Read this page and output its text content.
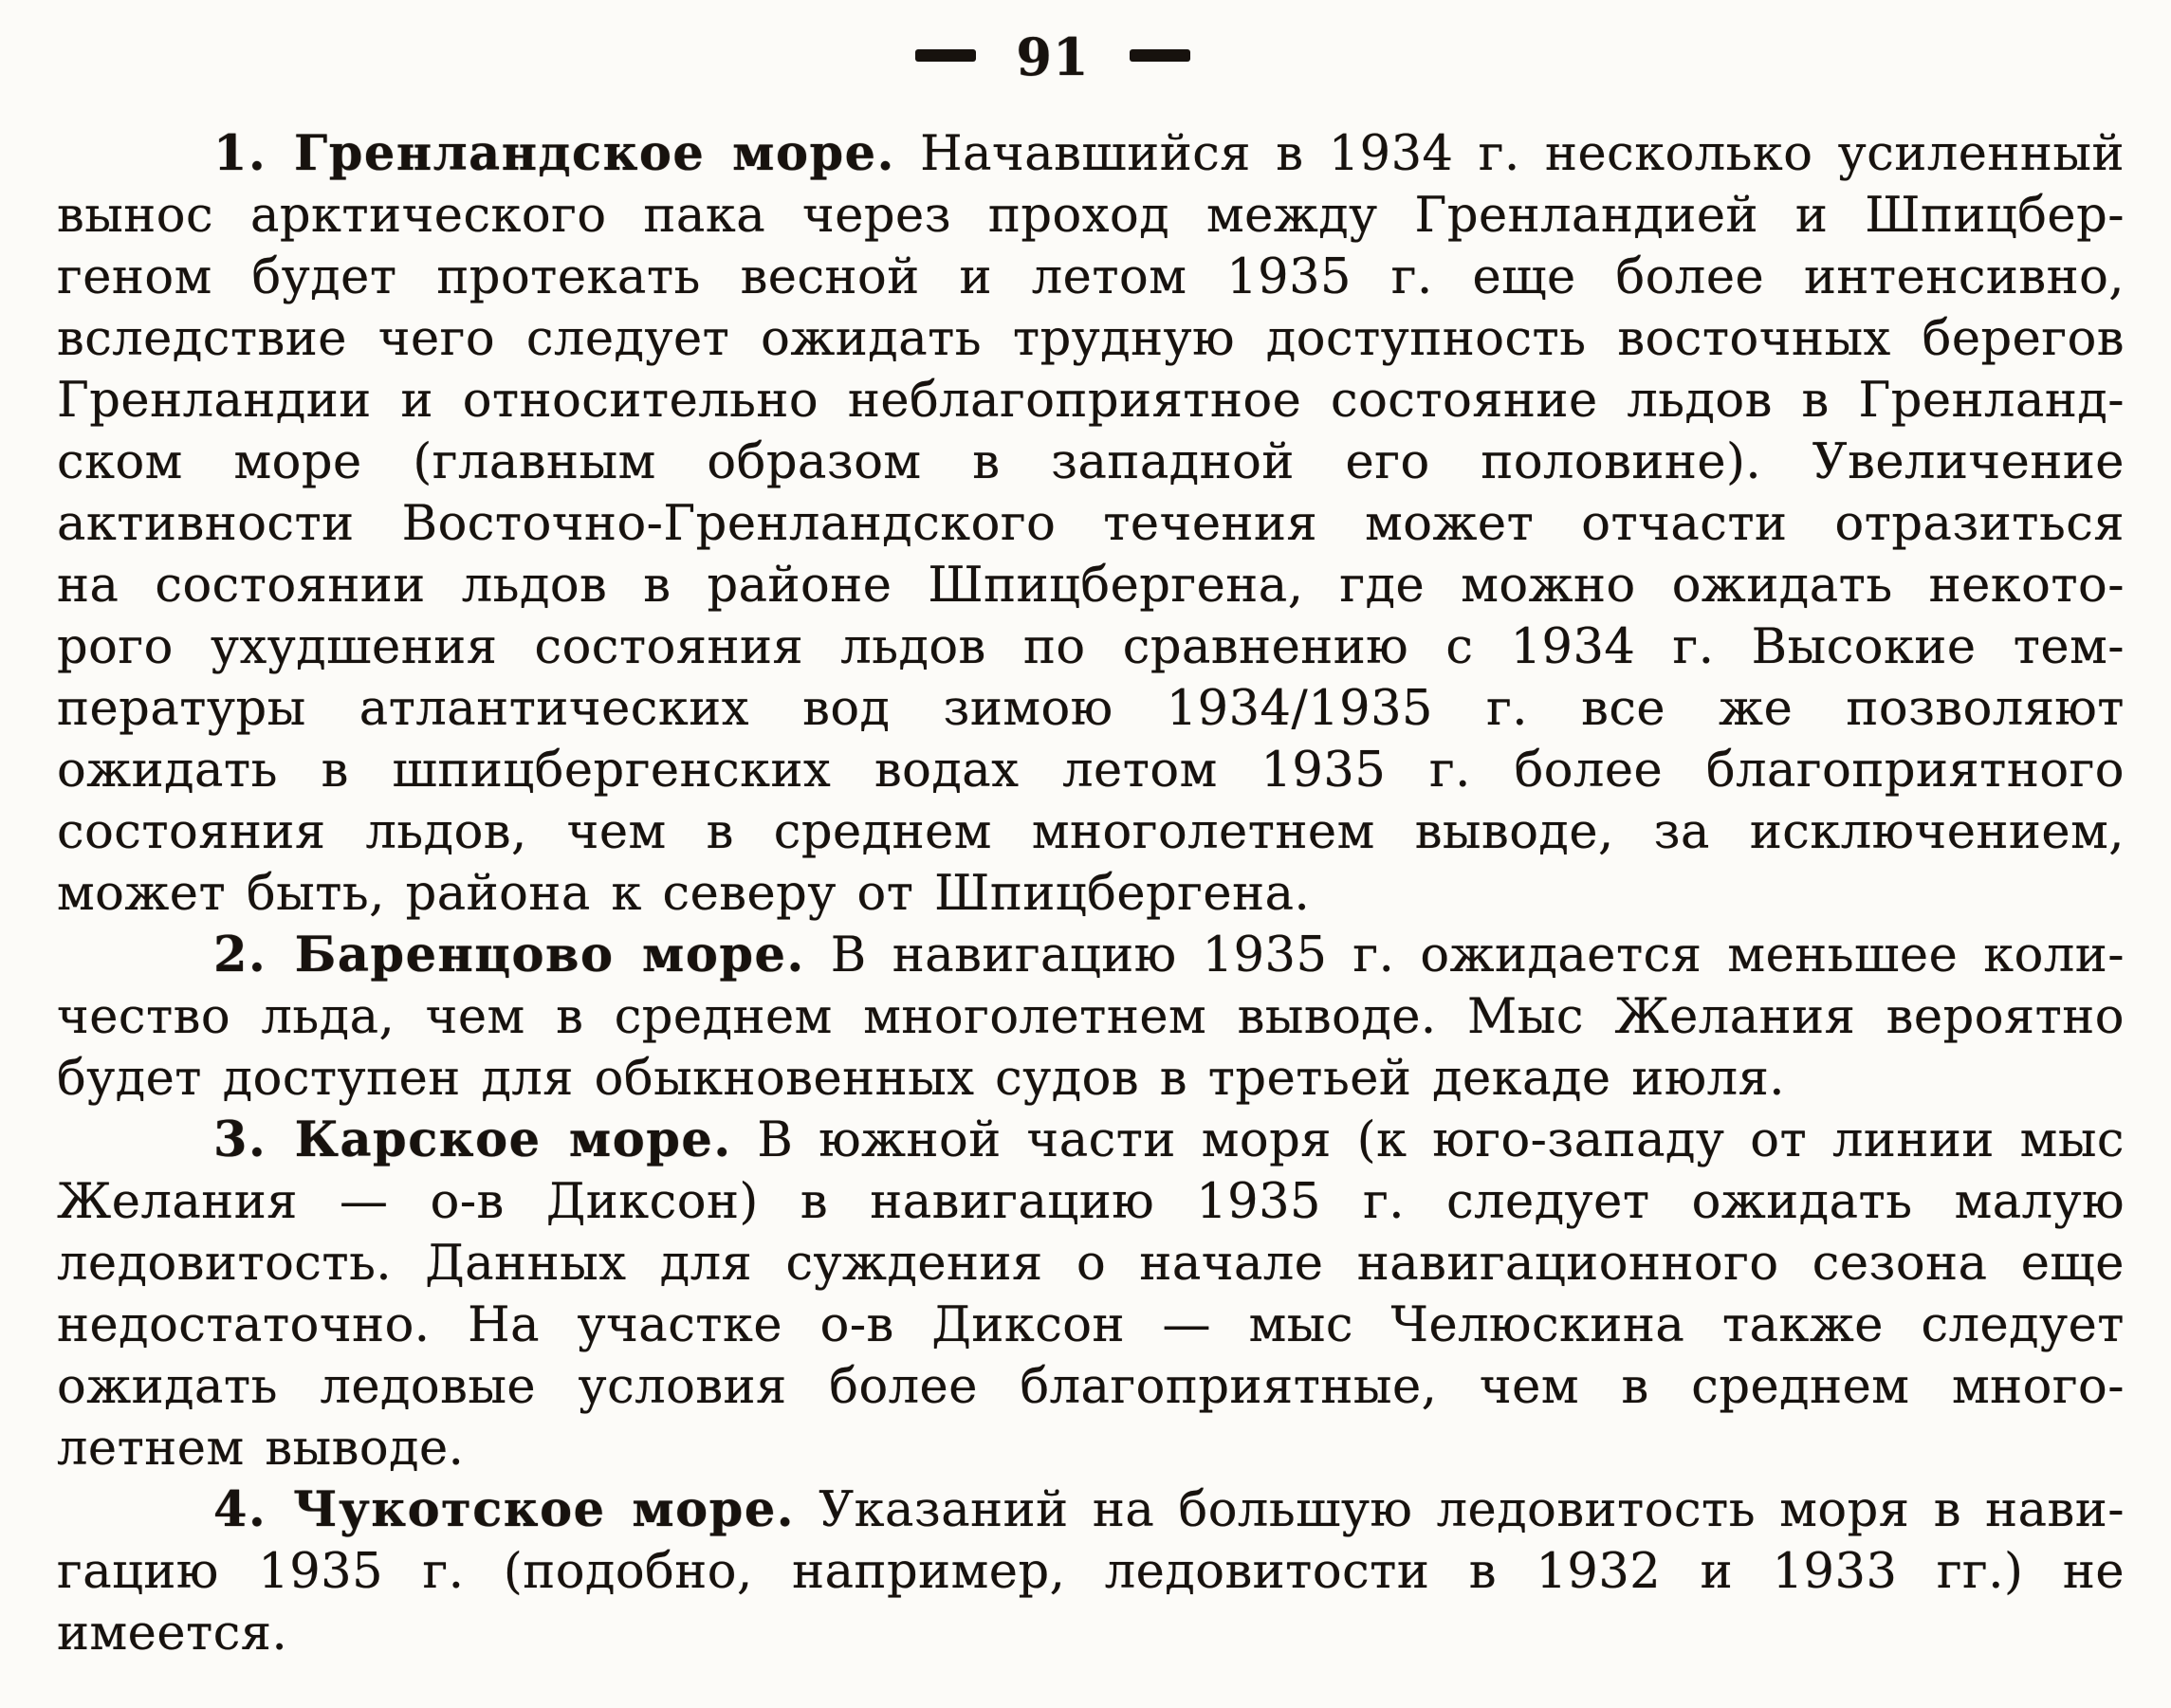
91
1. Гренландское море. Начавшийся в 1934 г. несколько усиленный
вынос арктического пака через проход между Гренландией и Шпицбер-
геном будет протекать весной и летом 1935 г. еще более интенсивно,
вследствие чего следует ожидать трудную доступность восточных берегов
Гренландии и относительно неблагоприятное состояние льдов в Гренланд-
ском море (главным образом в западной его половине). Увеличение
активности Восточно-Гренландского течения может отчасти отразиться
на состоянии льдов в районе Шпицбергена, где можно ожидать некото-
рого ухудшения состояния льдов по сравнению с 1934 г. Высокие тем-
пературы атлантических вод зимою 1934/1935 г. все же позволяют
ожидать в шпицбергенских водах летом 1935 г. более благоприятного
состояния льдов, чем в среднем многолетнем выводе, за исключением,
может быть, района к северу от Шпицбергена.
2. Баренцово море. В навигацию 1935 г. ожидается меньшее коли-
чество льда, чем в среднем многолетнем выводе. Мыс Желания вероятно
будет доступен для обыкновенных судов в третьей декаде июля.
3. Карское море. В южной части моря (к юго-западу от линии мыс
Желания — о-в Диксон) в навигацию 1935 г. следует ожидать малую
ледовитость. Данных для суждения о начале навигационного сезона еще
недостаточно. На участке о-в Диксон — мыс Челюскина также следует
ожидать ледовые условия более благоприятные, чем в среднем много-
летнем выводе.
4. Чукотское море. Указаний на большую ледовитость моря в нави-
гацию 1935 г. (подобно, например, ледовитости в 1932 и 1933 гг.) не
имеется.
